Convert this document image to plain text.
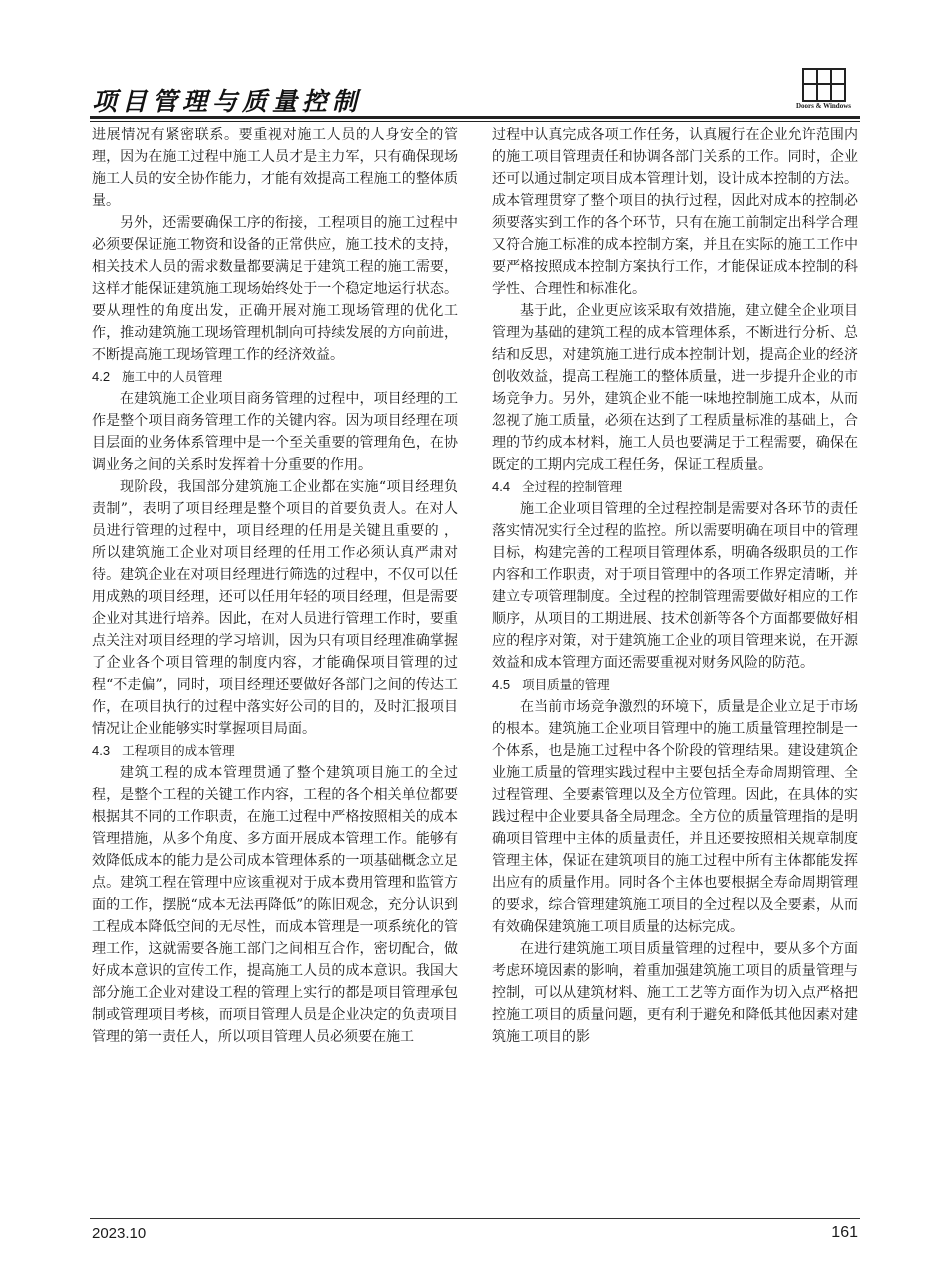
项目管理与质量控制	Doors & Windows

进展情况有紧密联系。要重视对施工人员的人身安全的管理，因为在施工过程中施工人员才是主力军，只有确保现场施工人员的安全协作能力，才能有效提高工程施工的整体质量。

另外，还需要确保工序的衔接，工程项目的施工过程中必须要保证施工物资和设备的正常供应，施工技术的支持，相关技术人员的需求数量都要满足于建筑工程的施工需要，这样才能保证建筑施工现场始终处于一个稳定地运行状态。要从理性的角度出发，正确开展对施工现场管理的优化工作，推动建筑施工现场管理机制向可持续发展的方向前进，不断提高施工现场管理工作的经济效益。

4.2 施工中的人员管理

在建筑施工企业项目商务管理的过程中，项目经理的工作是整个项目商务管理工作的关键内容。因为项目经理在项目层面的业务体系管理中是一个至关重要的管理角色，在协调业务之间的关系时发挥着十分重要的作用。

现阶段，我国部分建筑施工企业都在实施“项目经理负责制”，表明了项目经理是整个项目的首要负责人。在对人员进行管理的过程中，项目经理的任用是关键且重要的 ，所以建筑施工企业对项目经理的任用工作必须认真严肃对待。建筑企业在对项目经理进行筛选的过程中，不仅可以任用成熟的项目经理，还可以任用年轻的项目经理，但是需要企业对其进行培养。因此，在对人员进行管理工作时，要重点关注对项目经理的学习培训，因为只有项目经理准确掌握了企业各个项目管理的制度内容，才能确保项目管理的过程“不走偏”，同时，项目经理还要做好各部门之间的传达工作，在项目执行的过程中落实好公司的目的，及时汇报项目情况让企业能够实时掌握项目局面。

4.3 工程项目的成本管理

建筑工程的成本管理贯通了整个建筑项目施工的全过程，是整个工程的关键工作内容，工程的各个相关单位都要根据其不同的工作职责，在施工过程中严格按照相关的成本管理措施，从多个角度、多方面开展成本管理工作。能够有效降低成本的能力是公司成本管理体系的一项基础概念立足点。建筑工程在管理中应该重视对于成本费用管理和监管方面的工作，摆脱“成本无法再降低”的陈旧观念，充分认识到工程成本降低空间的无尽性，而成本管理是一项系统化的管理工作，这就需要各施工部门之间相互合作，密切配合，做好成本意识的宣传工作，提高施工人员的成本意识。我国大部分施工企业对建设工程的管理上实行的都是项目管理承包制或管理项目考核，而项目管理人员是企业决定的负责项目管理的第一责任人，所以项目管理人员必须要在施工

过程中认真完成各项工作任务，认真履行在企业允许范围内的施工项目管理责任和协调各部门关系的工作。同时，企业还可以通过制定项目成本管理计划，设计成本控制的方法。成本管理贯穿了整个项目的执行过程，因此对成本的控制必须要落实到工作的各个环节，只有在施工前制定出科学合理又符合施工标准的成本控制方案，并且在实际的施工工作中要严格按照成本控制方案执行工作，才能保证成本控制的科学性、合理性和标准化。

基于此，企业更应该采取有效措施，建立健全企业项目管理为基础的建筑工程的成本管理体系，不断进行分析、总结和反思，对建筑施工进行成本控制计划，提高企业的经济创收效益，提高工程施工的整体质量，进一步提升企业的市场竞争力。另外，建筑企业不能一味地控制施工成本，从而忽视了施工质量，必须在达到了工程质量标准的基础上，合理的节约成本材料，施工人员也要满足于工程需要，确保在既定的工期内完成工程任务，保证工程质量。

4.4 全过程的控制管理

施工企业项目管理的全过程控制是需要对各环节的责任落实情况实行全过程的监控。所以需要明确在项目中的管理目标，构建完善的工程项目管理体系，明确各级职员的工作内容和工作职责，对于项目管理中的各项工作界定清晰，并建立专项管理制度。全过程的控制管理需要做好相应的工作顺序，从项目的工期进展、技术创新等各个方面都要做好相应的程序对策，对于建筑施工企业的项目管理来说，在开源效益和成本管理方面还需要重视对财务风险的防范。

4.5 项目质量的管理

在当前市场竞争激烈的环境下，质量是企业立足于市场的根本。建筑施工企业项目管理中的施工质量管理控制是一个体系，也是施工过程中各个阶段的管理结果。建设建筑企业施工质量的管理实践过程中主要包括全寿命周期管理、全过程管理、全要素管理以及全方位管理。因此，在具体的实践过程中企业要具备全局理念。全方位的质量管理指的是明确项目管理中主体的质量责任，并且还要按照相关规章制度管理主体，保证在建筑项目的施工过程中所有主体都能发挥出应有的质量作用。同时各个主体也要根据全寿命周期管理的要求，综合管理建筑施工项目的全过程以及全要素，从而有效确保建筑施工项目质量的达标完成。

在进行建筑施工项目质量管理的过程中，要从多个方面考虑环境因素的影响，着重加强建筑施工项目的质量管理与控制，可以从建筑材料、施工工艺等方面作为切入点严格把控施工项目的质量问题，更有利于避免和降低其他因素对建筑施工项目的影

2023.10	161
